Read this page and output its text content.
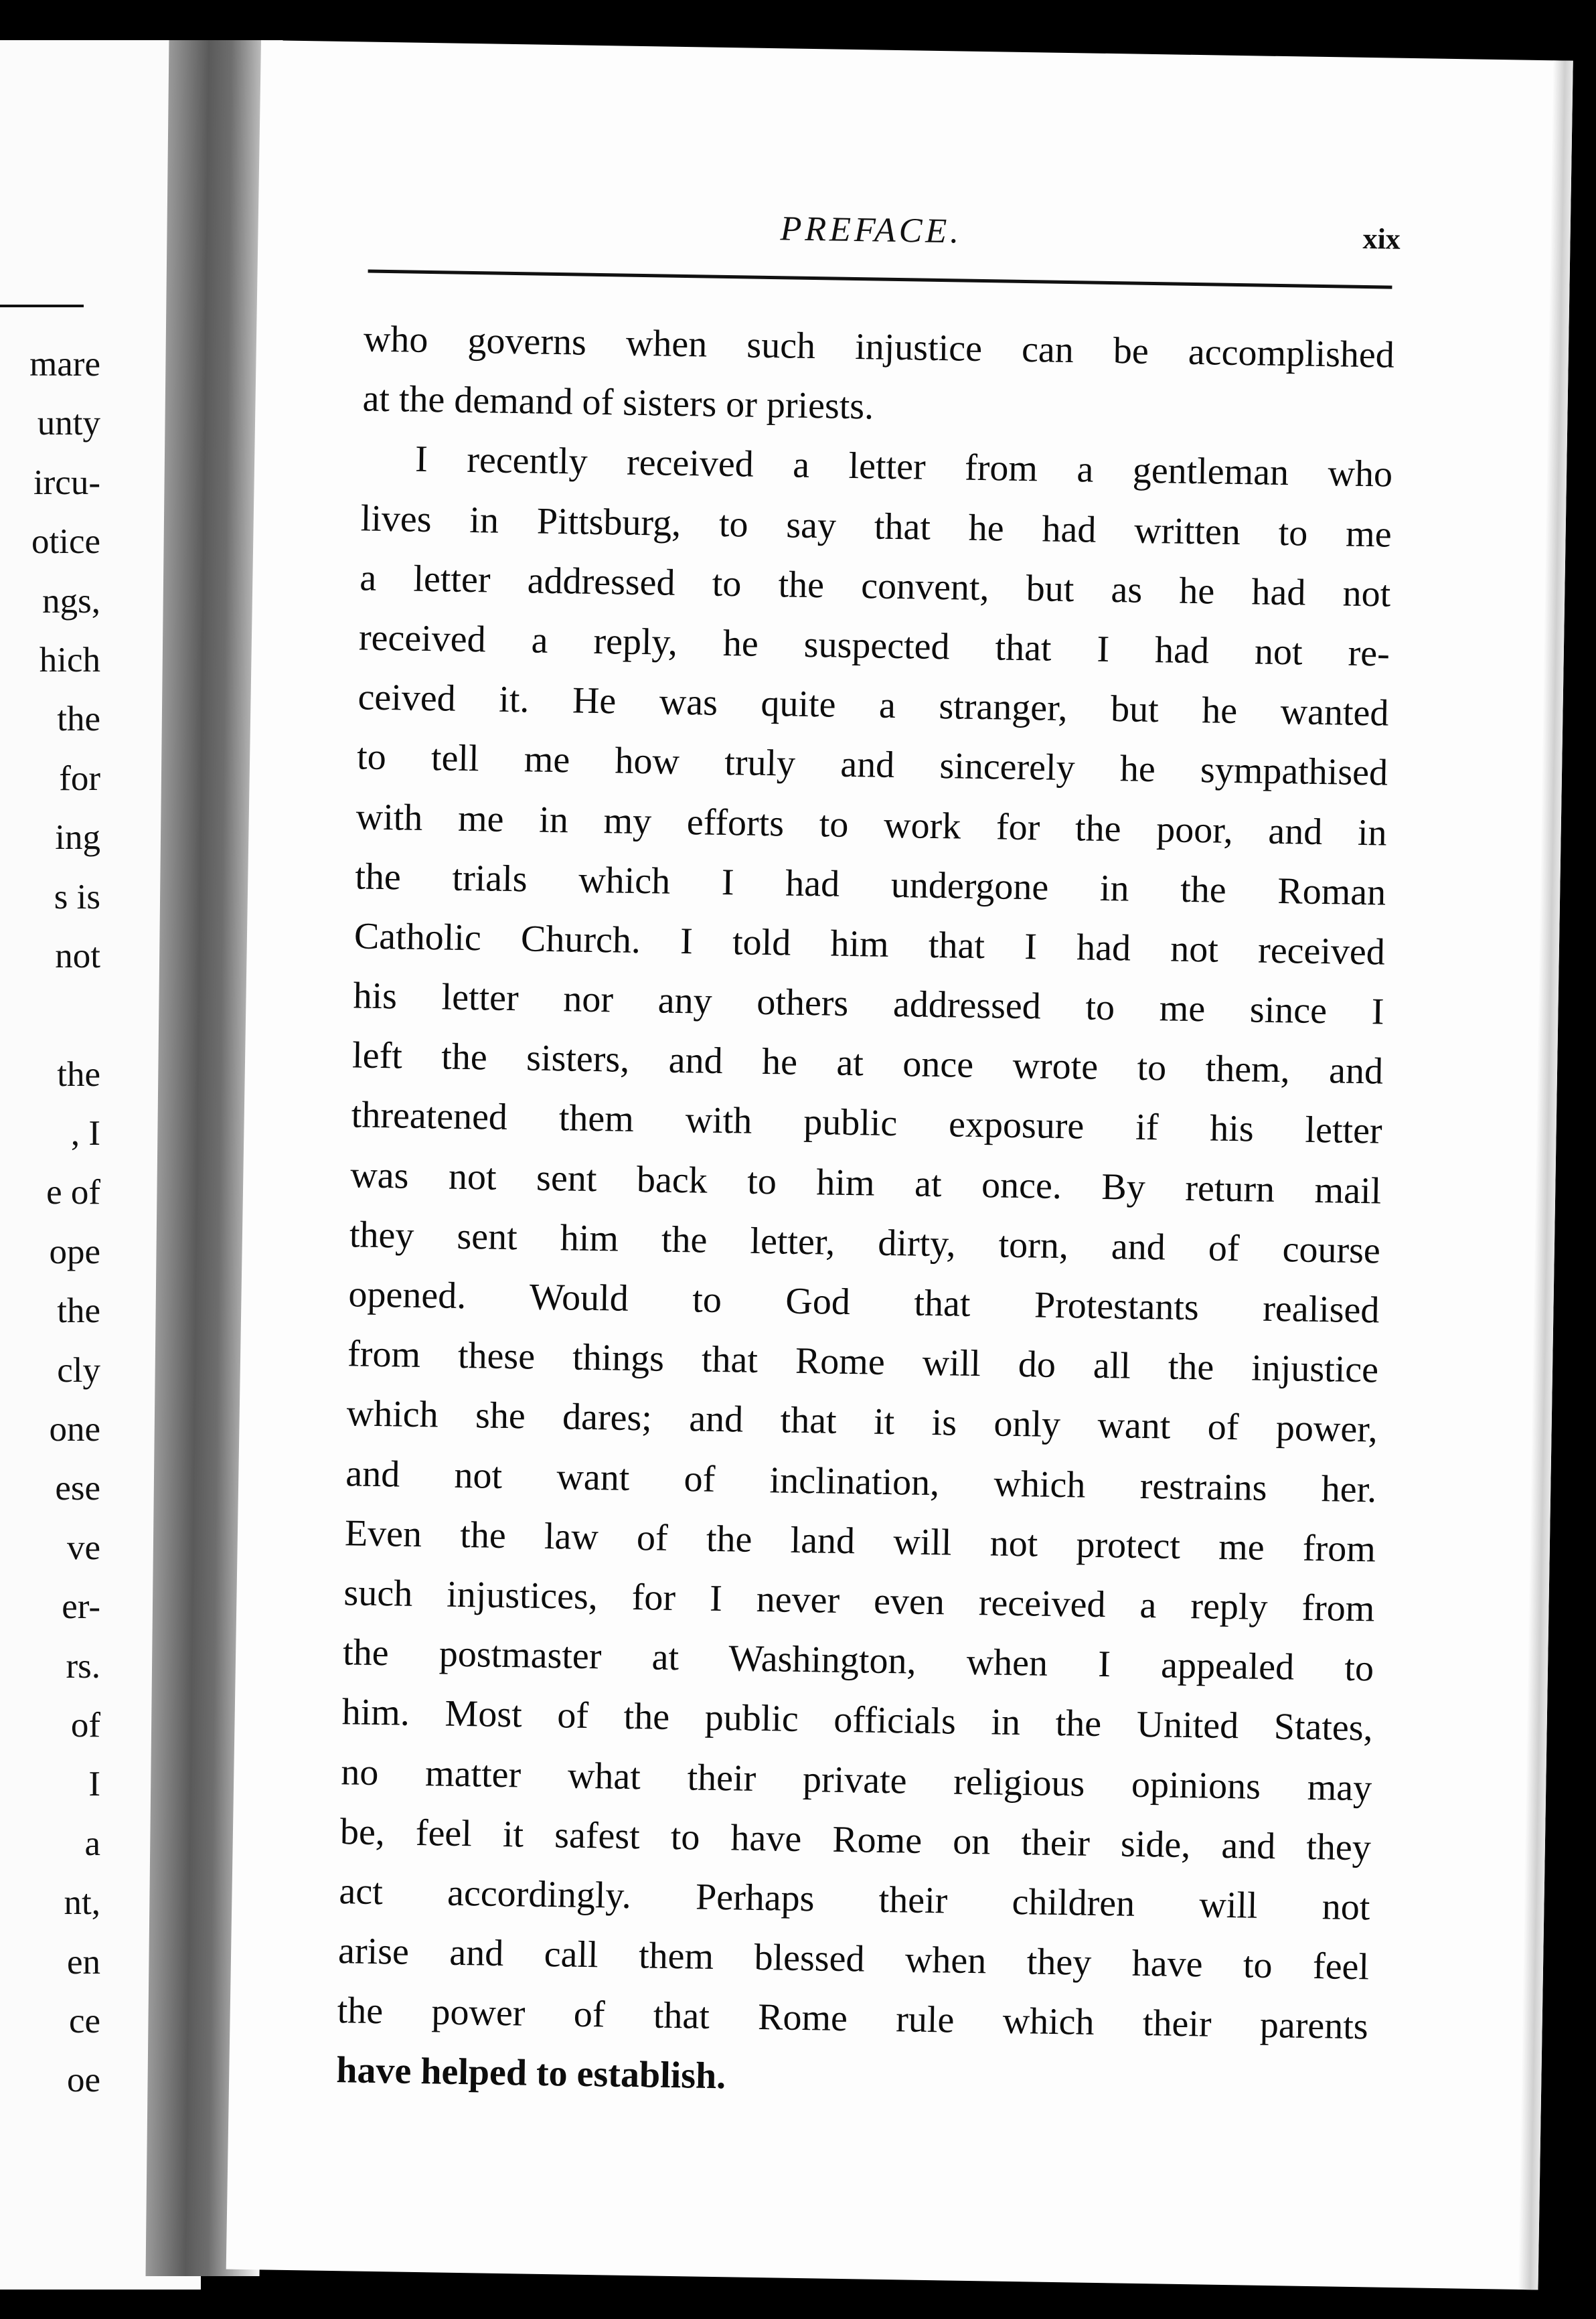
mare
unty
ircu-
otice
ngs,
hich
the
for
ing
s is
not
the
, I
e of
ope
the
cly
one
ese
ve
er-
rs.
of
I
a
nt,
en
ce
oe
PREFACE.	xix
who governs when such injustice can be accomplished
at the demand of sisters or priests.
I recently received a letter from a gentleman who
lives in Pittsburg, to say that he had written to me
a letter addressed to the convent, but as he had not
received a reply, he suspected that I had not re-
ceived it. He was quite a stranger, but he wanted
to tell me how truly and sincerely he sympathised
with me in my efforts to work for the poor, and in
the trials which I had undergone in the Roman
Catholic Church. I told him that I had not received
his letter nor any others addressed to me since I
left the sisters, and he at once wrote to them, and
threatened them with public exposure if his letter
was not sent back to him at once. By return mail
they sent him the letter, dirty, torn, and of course
opened. Would to God that Protestants realised
from these things that Rome will do all the injustice
which she dares; and that it is only want of power,
and not want of inclination, which restrains her.
Even the law of the land will not protect me from
such injustices, for I never even received a reply from
the postmaster at Washington, when I appealed to
him. Most of the public officials in the United States,
no matter what their private religious opinions may
be, feel it safest to have Rome on their side, and they
act accordingly. Perhaps their children will not
arise and call them blessed when they have to feel
the power of that Rome rule which their parents
have helped to establish.
